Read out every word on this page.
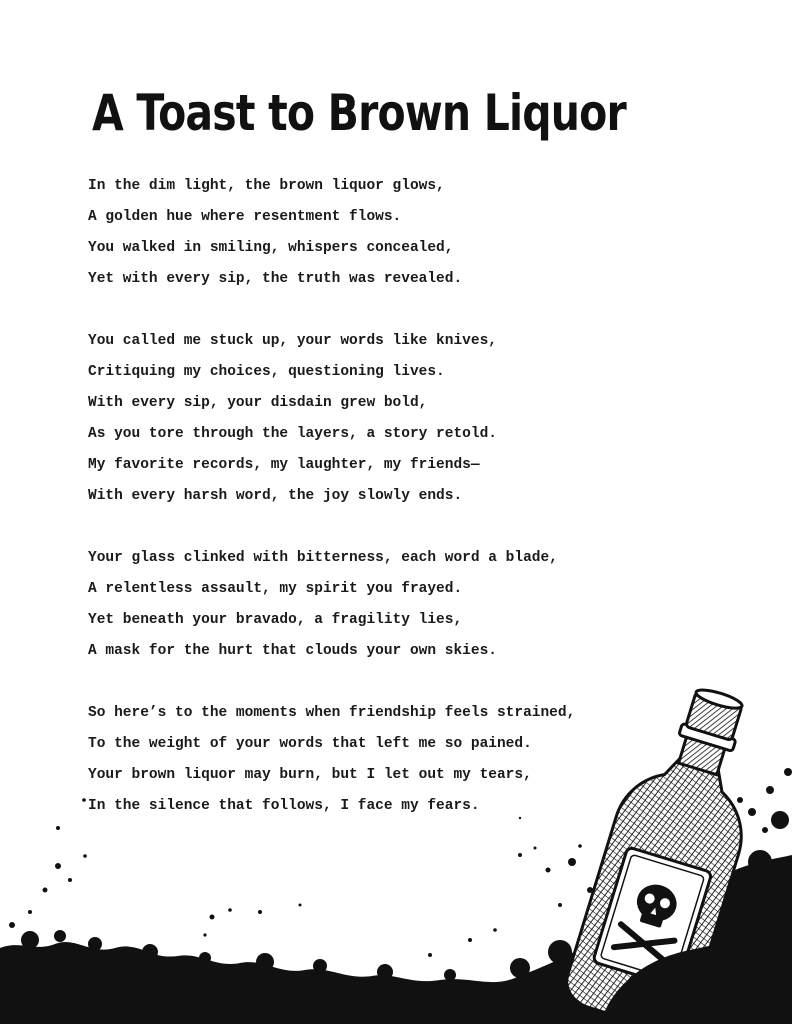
A Toast to Brown Liquor
In the dim light, the brown liquor glows,
A golden hue where resentment flows.
You walked in smiling, whispers concealed,
Yet with every sip, the truth was revealed.
You called me stuck up, your words like knives,
Critiquing my choices, questioning lives.
With every sip, your disdain grew bold,
As you tore through the layers, a story retold.
My favorite records, my laughter, my friends—
With every harsh word, the joy slowly ends.
Your glass clinked with bitterness, each word a blade,
A relentless assault, my spirit you frayed.
Yet beneath your bravado, a fragility lies,
A mask for the hurt that clouds your own skies.
So here’s to the moments when friendship feels strained,
To the weight of your words that left me so pained.
Your brown liquor may burn, but I let out my tears,
In the silence that follows, I face my fears.
